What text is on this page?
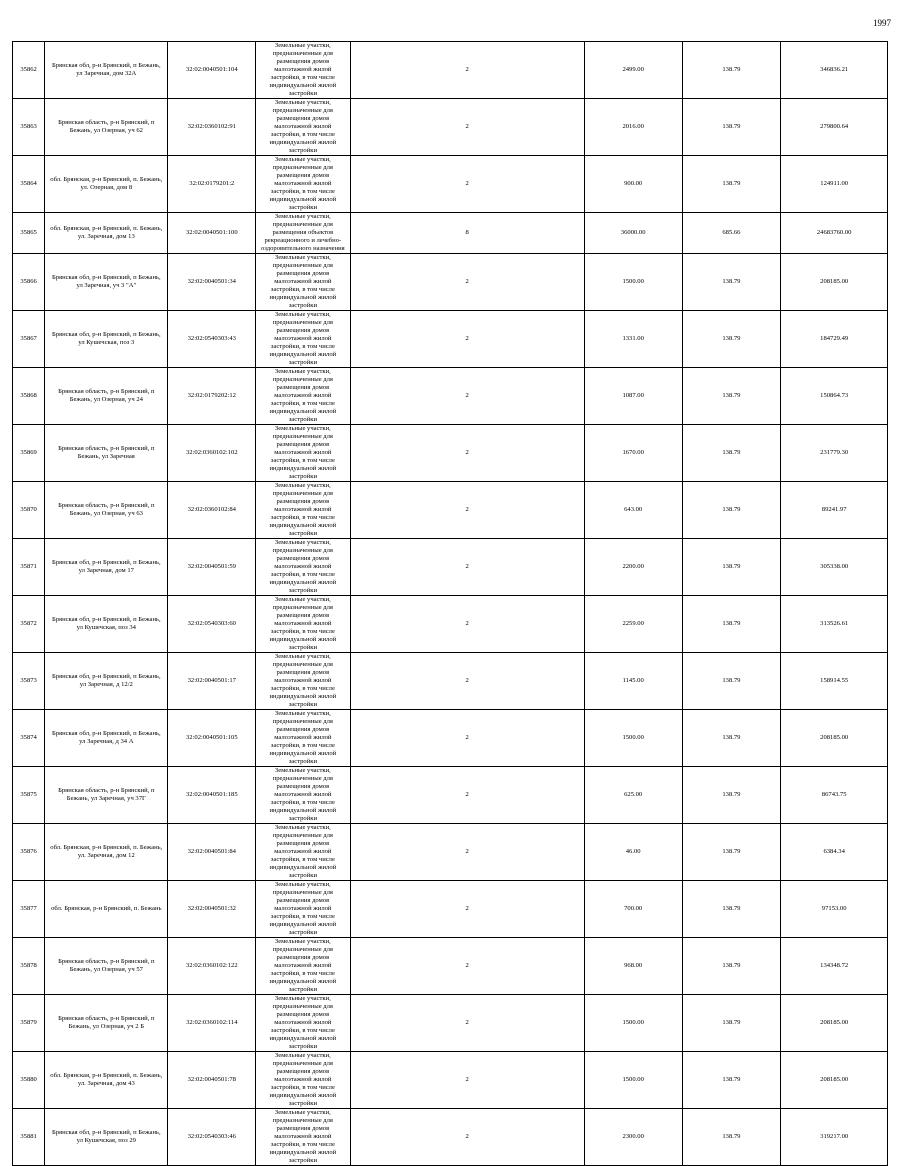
1997
35862	Брянская обл, р-н Брянский, п Бежань, ул Заречная, дом 32А	32:02:0040501:104	Земельные участки, предназначенные для размещения домов малоэтажной жилой застройки, в том числе индивидуальной жилой застройки	2	2499.00	138.79	346836.21
35863	Брянская область, р-н Брянский, п Бежань, ул Озерная, уч 62	32:02:0360102:91	Земельные участки, предназначенные для размещения домов малоэтажной жилой застройки, в том числе индивидуальной жилой застройки	2	2016.00	138.79	279800.64
35864	обл. Брянская, р-н Брянский, п. Бежань, ул. Озерная, дом 8	32:02:0179201:2	Земельные участки, предназначенные для размещения домов малоэтажной жилой застройки, в том числе индивидуальной жилой застройки	2	900.00	138.79	124911.00
35865	обл. Брянская, р-н Брянский, п. Бежань, ул. Заречная, дом 13	32:02:0040501:100	Земельные участки, предназначенные для размещения объектов рекреационного и лечебно-оздоровительного назначения	8	36000.00	685.66	24683760.00
35866	Брянская обл, р-н Брянский, п Бежань, ул Заречная, уч 3 "А"	32:02:0040501:34	Земельные участки, предназначенные для размещения домов малоэтажной жилой застройки, в том числе индивидуальной жилой застройки	2	1500.00	138.79	208185.00
35867	Брянская обл, р-н Брянский, п Бежань, ул Кушечская, поз 3	32:02:0540303:43	Земельные участки, предназначенные для размещения домов малоэтажной жилой застройки, в том числе индивидуальной жилой застройки	2	1331.00	138.79	184729.49
35868	Брянская область, р-н Брянский, п Бежань, ул Озерная, уч 24	32:02:0179202:12	Земельные участки, предназначенные для размещения домов малоэтажной жилой застройки, в том числе индивидуальной жилой застройки	2	1087.00	138.79	150864.73
35869	Брянская область, р-н Брянский, п Бежань, ул Заречная	32:02:0360102:102	Земельные участки, предназначенные для размещения домов малоэтажной жилой застройки, в том числе индивидуальной жилой застройки	2	1670.00	138.79	231779.30
35870	Брянская область, р-н Брянский, п Бежань, ул Озерная, уч 63	32:02:0360102:84	Земельные участки, предназначенные для размещения домов малоэтажной жилой застройки, в том числе индивидуальной жилой застройки	2	643.00	138.79	89241.97
35871	Брянская обл, р-н Брянский, п Бежань, ул Заречная, дом 17	32:02:0040501:59	Земельные участки, предназначенные для размещения домов малоэтажной жилой застройки, в том числе индивидуальной жилой застройки	2	2200.00	138.79	305338.00
35872	Брянская обл, р-н Брянский, п Бежань, ул Кушечская, поз 34	32:02:0540303:60	Земельные участки, предназначенные для размещения домов малоэтажной жилой застройки, в том числе индивидуальной жилой застройки	2	2259.00	138.79	313526.61
35873	Брянская обл, р-н Брянский, п Бежань, ул Заречная, д 12/2	32:02:0040501:17	Земельные участки, предназначенные для размещения домов малоэтажной жилой застройки, в том числе индивидуальной жилой застройки	2	1145.00	138.79	158914.55
35874	Брянская обл, р-н Брянский, п Бежань, ул Заречная, д 34 А	32:02:0040501:105	Земельные участки, предназначенные для размещения домов малоэтажной жилой застройки, в том числе индивидуальной жилой застройки	2	1500.00	138.79	208185.00
35875	Брянская область, р-н Брянский, п Бежань, ул Заречная, уч 37Г	32:02:0040501:185	Земельные участки, предназначенные для размещения домов малоэтажной жилой застройки, в том числе индивидуальной жилой застройки	2	625.00	138.79	86743.75
35876	обл. Брянская, р-н Брянский, п. Бежань, ул. Заречная, дом 12	32:02:0040501:84	Земельные участки, предназначенные для размещения домов малоэтажной жилой застройки, в том числе индивидуальной жилой застройки	2	46.00	138.79	6384.34
35877	обл. Брянская, р-н Брянский, п. Бежань	32:02:0040501:32	Земельные участки, предназначенные для размещения домов малоэтажной жилой застройки, в том числе индивидуальной жилой застройки	2	700.00	138.79	97153.00
35878	Брянская область, р-н Брянский, п Бежань, ул Озерная, уч 57	32:02:0360102:122	Земельные участки, предназначенные для размещения домов малоэтажной жилой застройки, в том числе индивидуальной жилой застройки	2	968.00	138.79	134348.72
35879	Брянская область, р-н Брянский, п Бежань, ул Озерная, уч 2 Б	32:02:0360102:114	Земельные участки, предназначенные для размещения домов малоэтажной жилой застройки, в том числе индивидуальной жилой застройки	2	1500.00	138.79	208185.00
35880	обл. Брянская, р-н Брянский, п. Бежань, ул. Заречная, дом 43	32:02:0040501:78	Земельные участки, предназначенные для размещения домов малоэтажной жилой застройки, в том числе индивидуальной жилой застройки	2	1500.00	138.79	208185.00
35881	Брянская обл, р-н Брянский, п Бежань, ул Кушечская, поз 29	32:02:0540303:46	Земельные участки, предназначенные для размещения домов малоэтажной жилой застройки, в том числе индивидуальной жилой застройки	2	2300.00	138.79	319217.00
